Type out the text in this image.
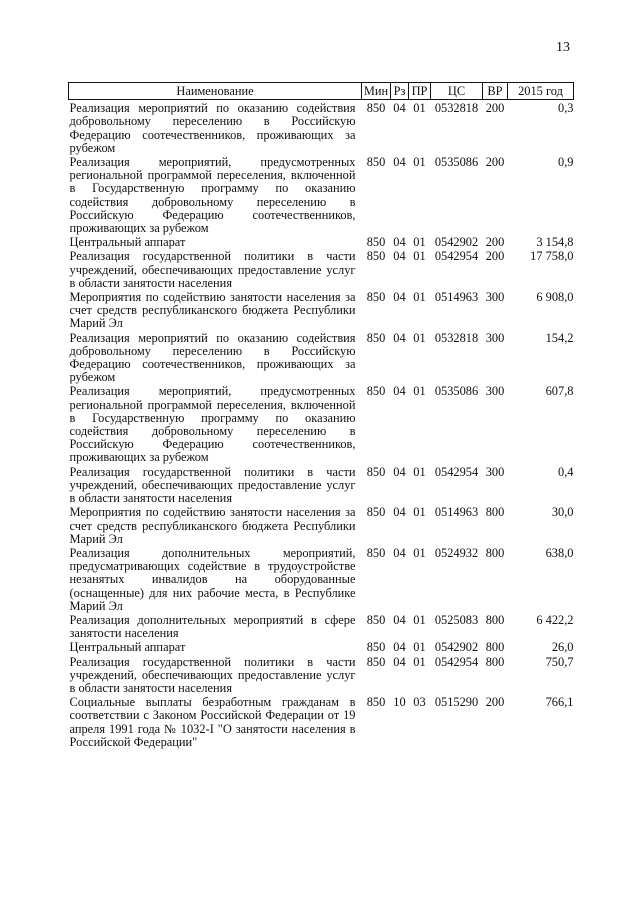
13
Наименование	Мин	Рз	ПР	ЦС	ВР	2015 год
Реализация мероприятий по оказанию содействия добровольному переселению в Российскую Федерацию соотечественников, проживающих за рубежом	850	04	01	0532818	200	0,3
Реализация мероприятий, предусмотренных региональной программой переселения, включенной в Государственную программу по оказанию содействия добровольному переселению в Российскую Федерацию соотечественников, проживающих за рубежом	850	04	01	0535086	200	0,9
Центральный аппарат	850	04	01	0542902	200	3 154,8
Реализация государственной политики в части учреждений, обеспечивающих предоставление услуг в области занятости населения	850	04	01	0542954	200	17 758,0
Мероприятия по содействию занятости населения за счет средств республиканского бюджета Республики Марий Эл	850	04	01	0514963	300	6 908,0
Реализация мероприятий по оказанию содействия добровольному переселению в Российскую Федерацию соотечественников, проживающих за рубежом	850	04	01	0532818	300	154,2
Реализация мероприятий, предусмотренных региональной программой переселения, включенной в Государственную программу по оказанию содействия добровольному переселению в Российскую Федерацию соотечественников, проживающих за рубежом	850	04	01	0535086	300	607,8
Реализация государственной политики в части учреждений, обеспечивающих предоставление услуг в области занятости населения	850	04	01	0542954	300	0,4
Мероприятия по содействию занятости населения за счет средств республиканского бюджета Республики Марий Эл	850	04	01	0514963	800	30,0
Реализация дополнительных мероприятий, предусматривающих содействие в трудоустройстве незанятых инвалидов на оборудованные (оснащенные) для них рабочие места, в Республике Марий Эл	850	04	01	0524932	800	638,0
Реализация дополнительных мероприятий в сфере занятости населения	850	04	01	0525083	800	6 422,2
Центральный аппарат	850	04	01	0542902	800	26,0
Реализация государственной политики в части учреждений, обеспечивающих предоставление услуг в области занятости населения	850	04	01	0542954	800	750,7
Социальные выплаты безработным гражданам в соответствии с Законом Российской Федерации от 19 апреля 1991 года № 1032-I "О занятости населения в Российской Федерации"	850	10	03	0515290	200	766,1
